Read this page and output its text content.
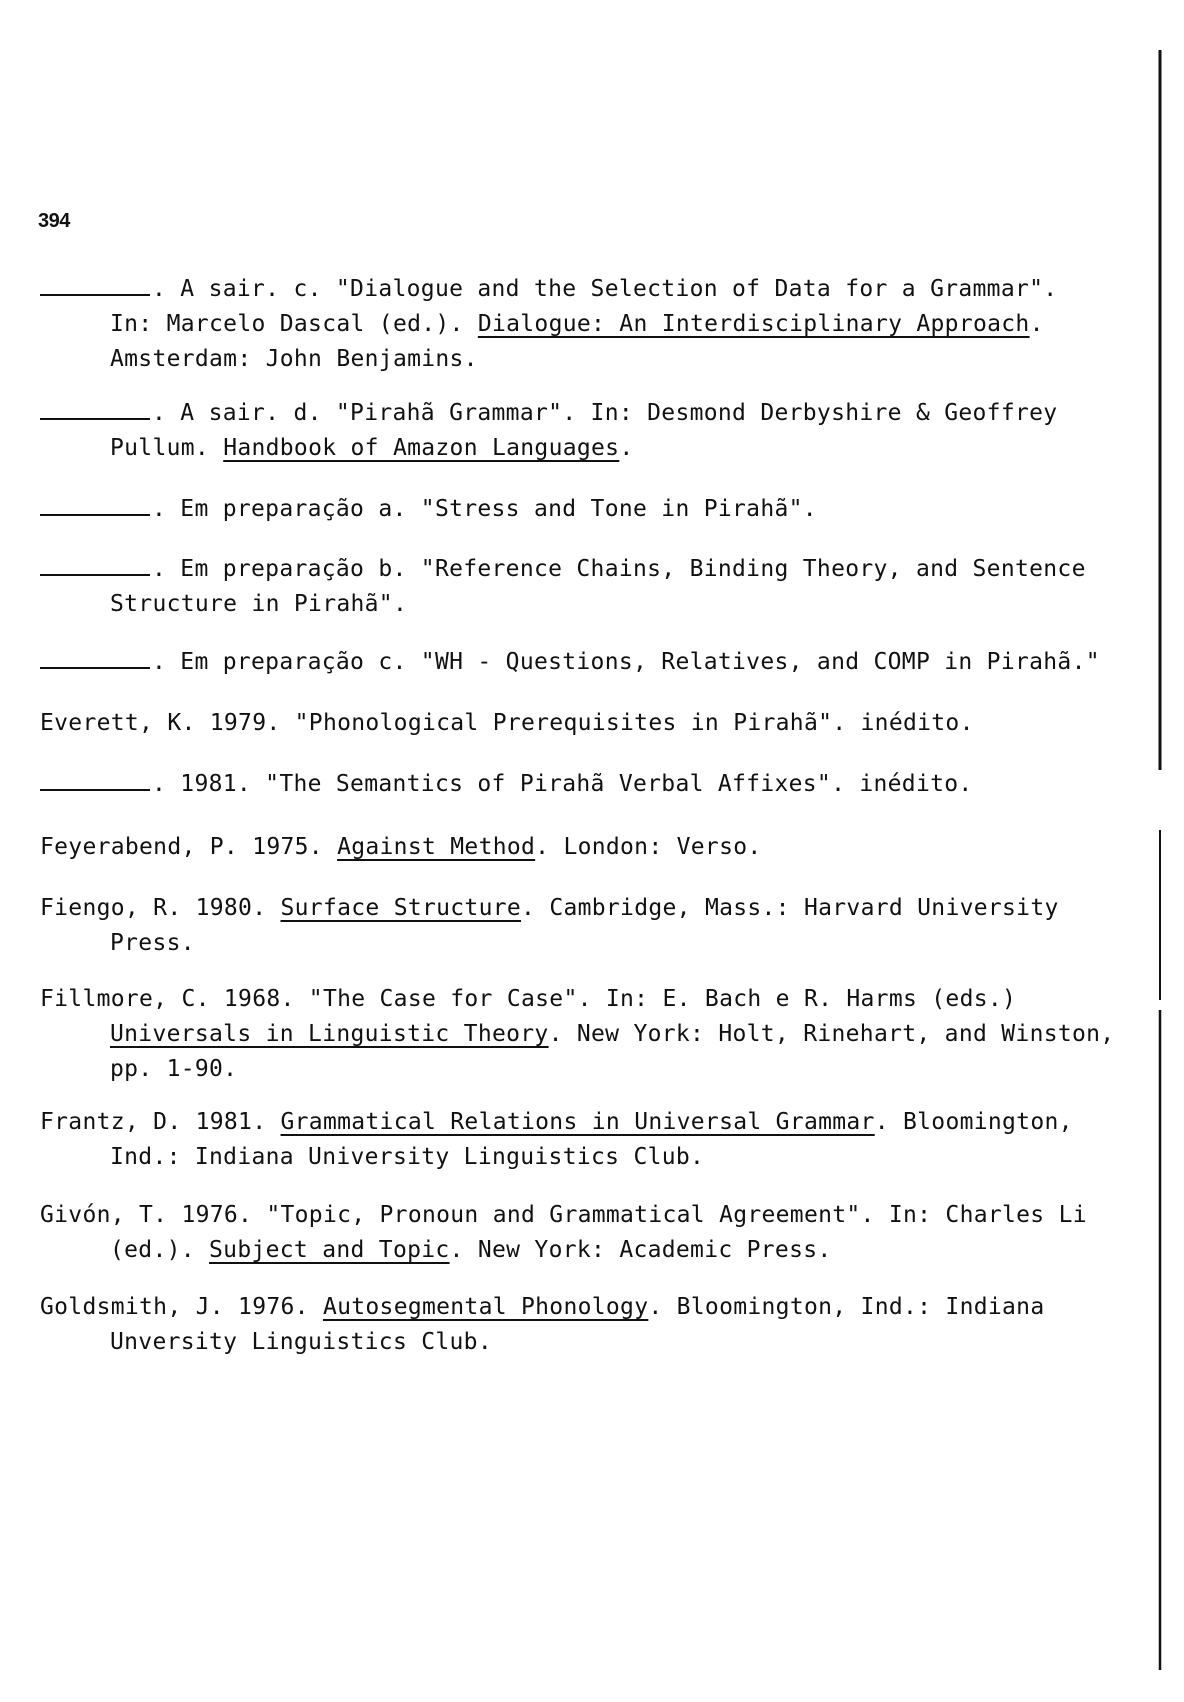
394
. A sair. c. "Dialogue and the Selection of Data for a Grammar".
In: Marcelo Dascal (ed.). Dialogue: An Interdisciplinary Approach.
Amsterdam: John Benjamins.
. A sair. d. "Pirahã Grammar". In: Desmond Derbyshire & Geoffrey
Pullum. Handbook of Amazon Languages.
. Em preparação a. "Stress and Tone in Pirahã".
. Em preparação b. "Reference Chains, Binding Theory, and Sentence
Structure in Pirahã".
. Em preparação c. "WH - Questions, Relatives, and COMP in Pirahã."
Everett, K. 1979. "Phonological Prerequisites in Pirahã". inédito.
. 1981. "The Semantics of Pirahã Verbal Affixes". inédito.
Feyerabend, P. 1975. Against Method. London: Verso.
Fiengo, R. 1980. Surface Structure. Cambridge, Mass.: Harvard University
Press.
Fillmore, C. 1968. "The Case for Case". In: E. Bach e R. Harms (eds.)
Universals in Linguistic Theory. New York: Holt, Rinehart, and Winston,
pp. 1-90.
Frantz, D. 1981. Grammatical Relations in Universal Grammar. Bloomington,
Ind.: Indiana University Linguistics Club.
Givón, T. 1976. "Topic, Pronoun and Grammatical Agreement". In: Charles Li
(ed.). Subject and Topic. New York: Academic Press.
Goldsmith, J. 1976. Autosegmental Phonology. Bloomington, Ind.: Indiana
Unversity Linguistics Club.
